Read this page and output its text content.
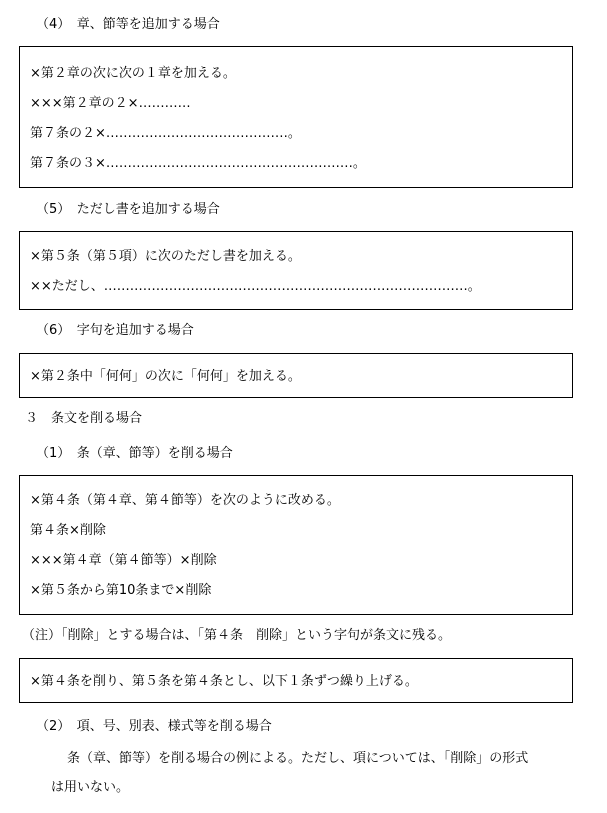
（4）　章、節等を追加する場合
×第２章の次に次の１章を加える。
×××第２章の２×…………
第７条の２×……………………………………。
第７条の３×…………………………………………………。
（5）　ただし書を追加する場合
×第５条（第５項）に次のただし書を加える。
××ただし、…………………………………………………………………………。
（6）　字句を追加する場合
×第２条中「何何」の次に「何何」を加える。
３　条文を削る場合
（1）　条（章、節等）を削る場合
×第４条（第４章、第４節等）を次のように改める。
第４条×削除
×××第４章（第４節等）×削除
×第５条から第10条まで×削除
（注）「削除」とする場合は、「第４条　削除」という字句が条文に残る。
×第４条を削り、第５条を第４条とし、以下１条ずつ繰り上げる。
（2）　項、号、別表、様式等を削る場合
条（章、節等）を削る場合の例による。ただし、項については、「削除」の形式
は用いない。
